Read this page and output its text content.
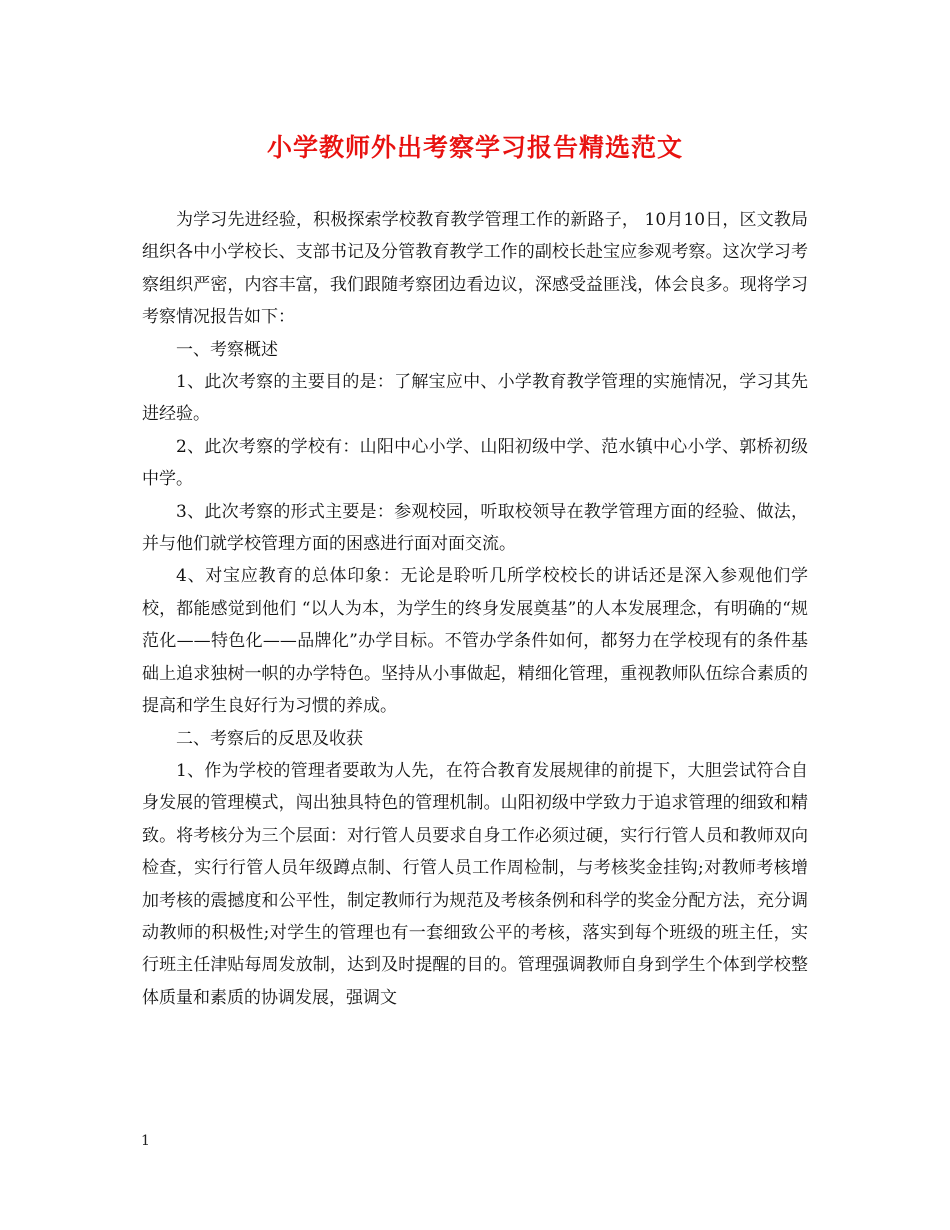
小学教师外出考察学习报告精选范文

为学习先进经验，积极探索学校教育教学管理工作的新路子， 10月10日，区文教局组织各中小学校长、支部书记及分管教育教学工作的副校长赴宝应参观考察。这次学习考察组织严密，内容丰富，我们跟随考察团边看边议，深感受益匪浅，体会良多。现将学习考察情况报告如下：

一、考察概述

1、此次考察的主要目的是：了解宝应中、小学教育教学管理的实施情况，学习其先进经验。

2、此次考察的学校有：山阳中心小学、山阳初级中学、范水镇中心小学、郭桥初级中学。

3、此次考察的形式主要是：参观校园，听取校领导在教学管理方面的经验、做法，并与他们就学校管理方面的困惑进行面对面交流。

4、对宝应教育的总体印象：无论是聆听几所学校校长的讲话还是深入参观他们学校，都能感觉到他们 “以人为本，为学生的终身发展奠基”的人本发展理念，有明确的“规范化——特色化——品牌化”办学目标。不管办学条件如何，都努力在学校现有的条件基础上追求独树一帜的办学特色。坚持从小事做起，精细化管理，重视教师队伍综合素质的提高和学生良好行为习惯的养成。

二、考察后的反思及收获

1、作为学校的管理者要敢为人先，在符合教育发展规律的前提下，大胆尝试符合自身发展的管理模式，闯出独具特色的管理机制。山阳初级中学致力于追求管理的细致和精致。将考核分为三个层面：对行管人员要求自身工作必须过硬，实行行管人员和教师双向检查，实行行管人员年级蹲点制、行管人员工作周检制，与考核奖金挂钩;对教师考核增加考核的震撼度和公平性，制定教师行为规范及考核条例和科学的奖金分配方法，充分调动教师的积极性;对学生的管理也有一套细致公平的考核，落实到每个班级的班主任，实行班主任津贴每周发放制，达到及时提醒的目的。管理强调教师自身到学生个体到学校整体质量和素质的协调发展，强调文

1
